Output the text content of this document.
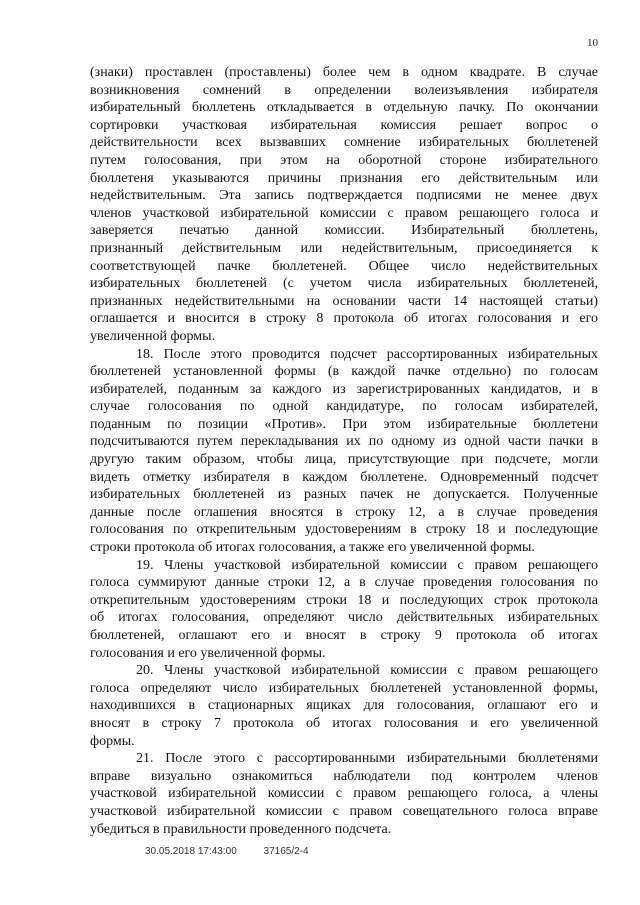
10
(знаки) проставлен (проставлены) более чем в одном квадрате. В случае
возникновения сомнений в определении волеизъявления избирателя
избирательный бюллетень откладывается в отдельную пачку. По окончании
сортировки участковая избирательная комиссия решает вопрос о
действительности всех вызвавших сомнение избирательных бюллетеней
путем голосования, при этом на оборотной стороне избирательного
бюллетеня указываются причины признания его действительным или
недействительным. Эта запись подтверждается подписями не менее двух
членов участковой избирательной комиссии с правом решающего голоса и
заверяется печатью данной комиссии. Избирательный бюллетень,
признанный действительным или недействительным, присоединяется к
соответствующей пачке бюллетеней. Общее число недействительных
избирательных бюллетеней (с учетом числа избирательных бюллетеней,
признанных недействительными на основании части 14 настоящей статьи)
оглашается и вносится в строку 8 протокола об итогах голосования и его
увеличенной формы.
18. После этого проводится подсчет рассортированных избирательных
бюллетеней установленной формы (в каждой пачке отдельно) по голосам
избирателей, поданным за каждого из зарегистрированных кандидатов, и в
случае голосования по одной кандидатуре, по голосам избирателей,
поданным по позиции «Против». При этом избирательные бюллетени
подсчитываются путем перекладывания их по одному из одной части пачки в
другую таким образом, чтобы лица, присутствующие при подсчете, могли
видеть отметку избирателя в каждом бюллетене. Одновременный подсчет
избирательных бюллетеней из разных пачек не допускается. Полученные
данные после оглашения вносятся в строку 12, а в случае проведения
голосования по открепительным удостоверениям в строку 18 и последующие
строки протокола об итогах голосования, а также его увеличенной формы.
19. Члены участковой избирательной комиссии с правом решающего
голоса суммируют данные строки 12, а в случае проведения голосования по
открепительным удостоверениям строки 18 и последующих строк протокола
об итогах голосования, определяют число действительных избирательных
бюллетеней, оглашают его и вносят в строку 9 протокола об итогах
голосования и его увеличенной формы.
20. Члены участковой избирательной комиссии с правом решающего
голоса определяют число избирательных бюллетеней установленной формы,
находившихся в стационарных ящиках для голосования, оглашают его и
вносят в строку 7 протокола об итогах голосования и его увеличенной
формы.
21. После этого с рассортированными избирательными бюллетенями
вправе визуально ознакомиться наблюдатели под контролем членов
участковой избирательной комиссии с правом решающего голоса, а члены
участковой избирательной комиссии с правом совещательного голоса вправе
убедиться в правильности проведенного подсчета.
30.05.2018 17:43:00	37165/2-4
